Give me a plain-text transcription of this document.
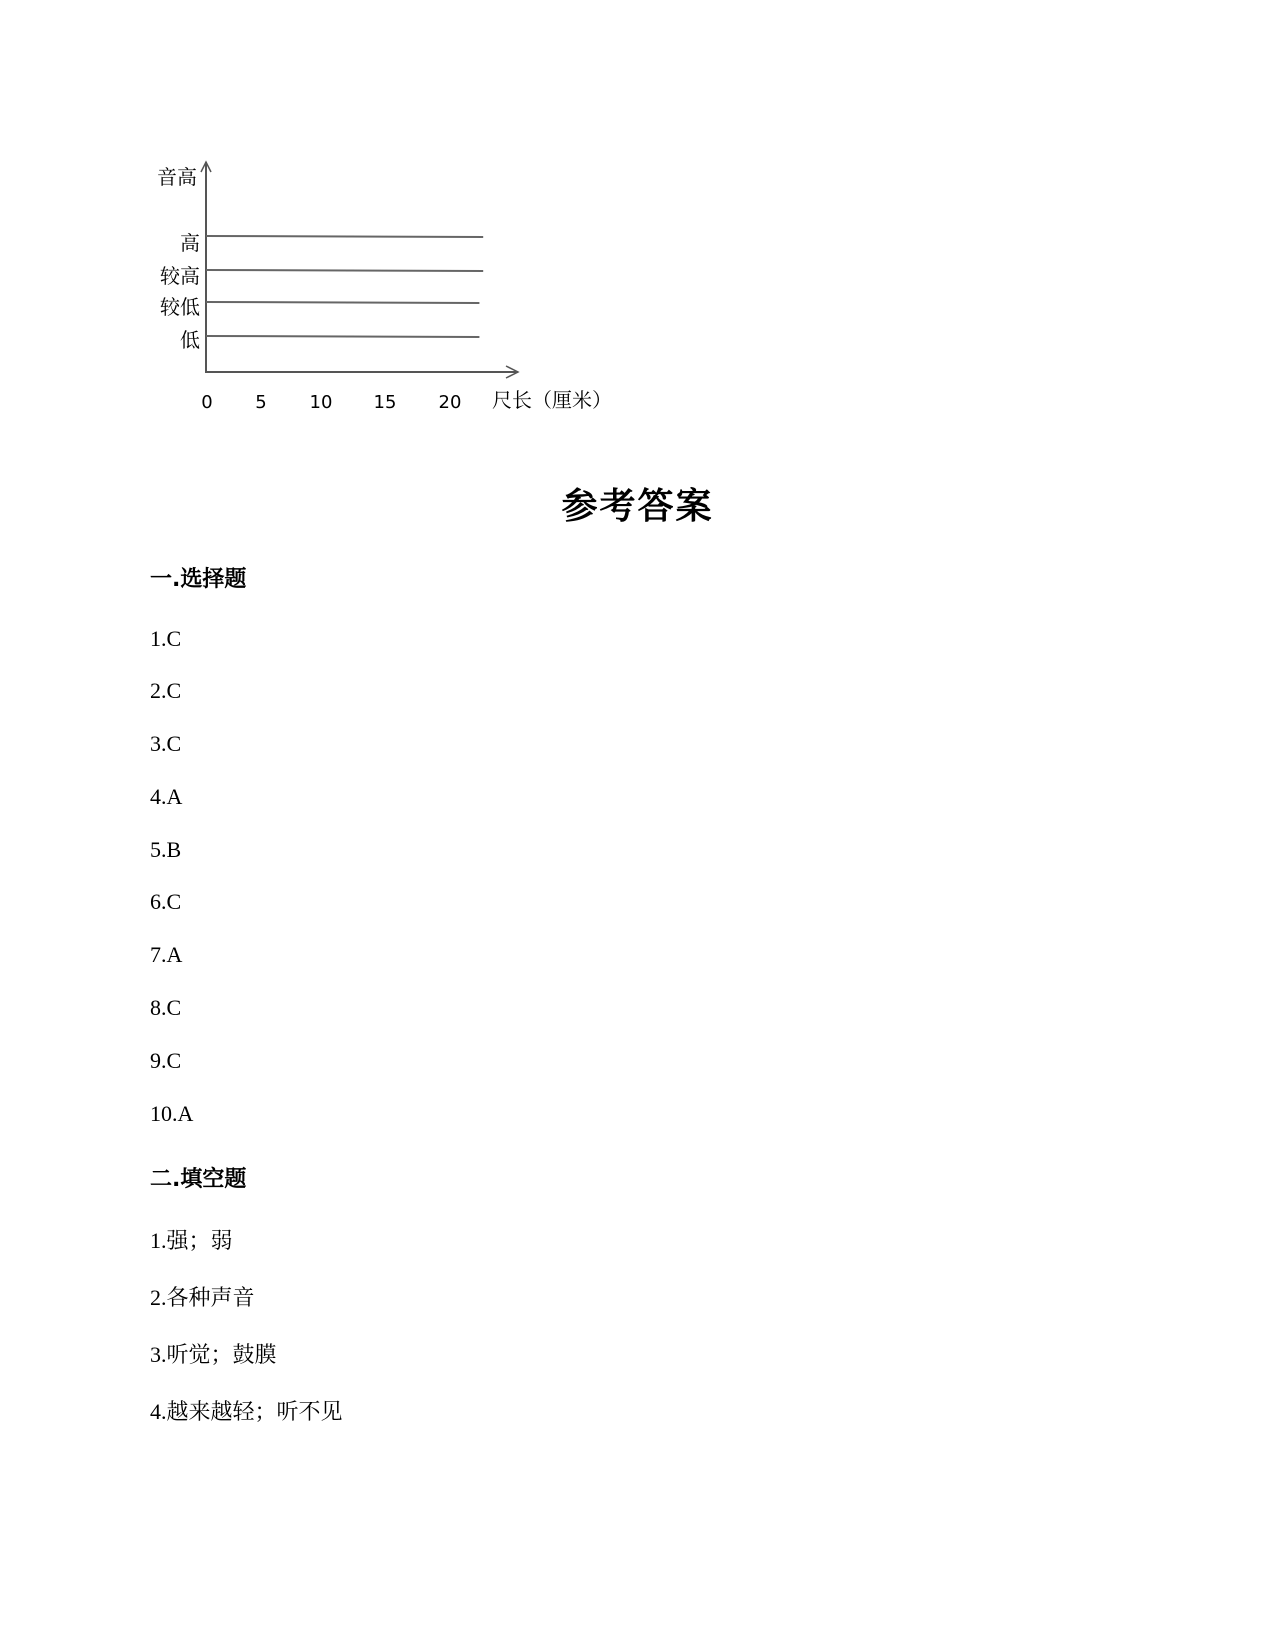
音高
尺长（厘米）
0 5 10 15 20
高
较高
较低
低
参考答案
一.选择题
1.C
2.C
3.C
4.A
5.B
6.C
7.A
8.C
9.C
10.A
二.填空题
1.强；弱
2.各种声音
3.听觉；鼓膜
4.越来越轻；听不见
